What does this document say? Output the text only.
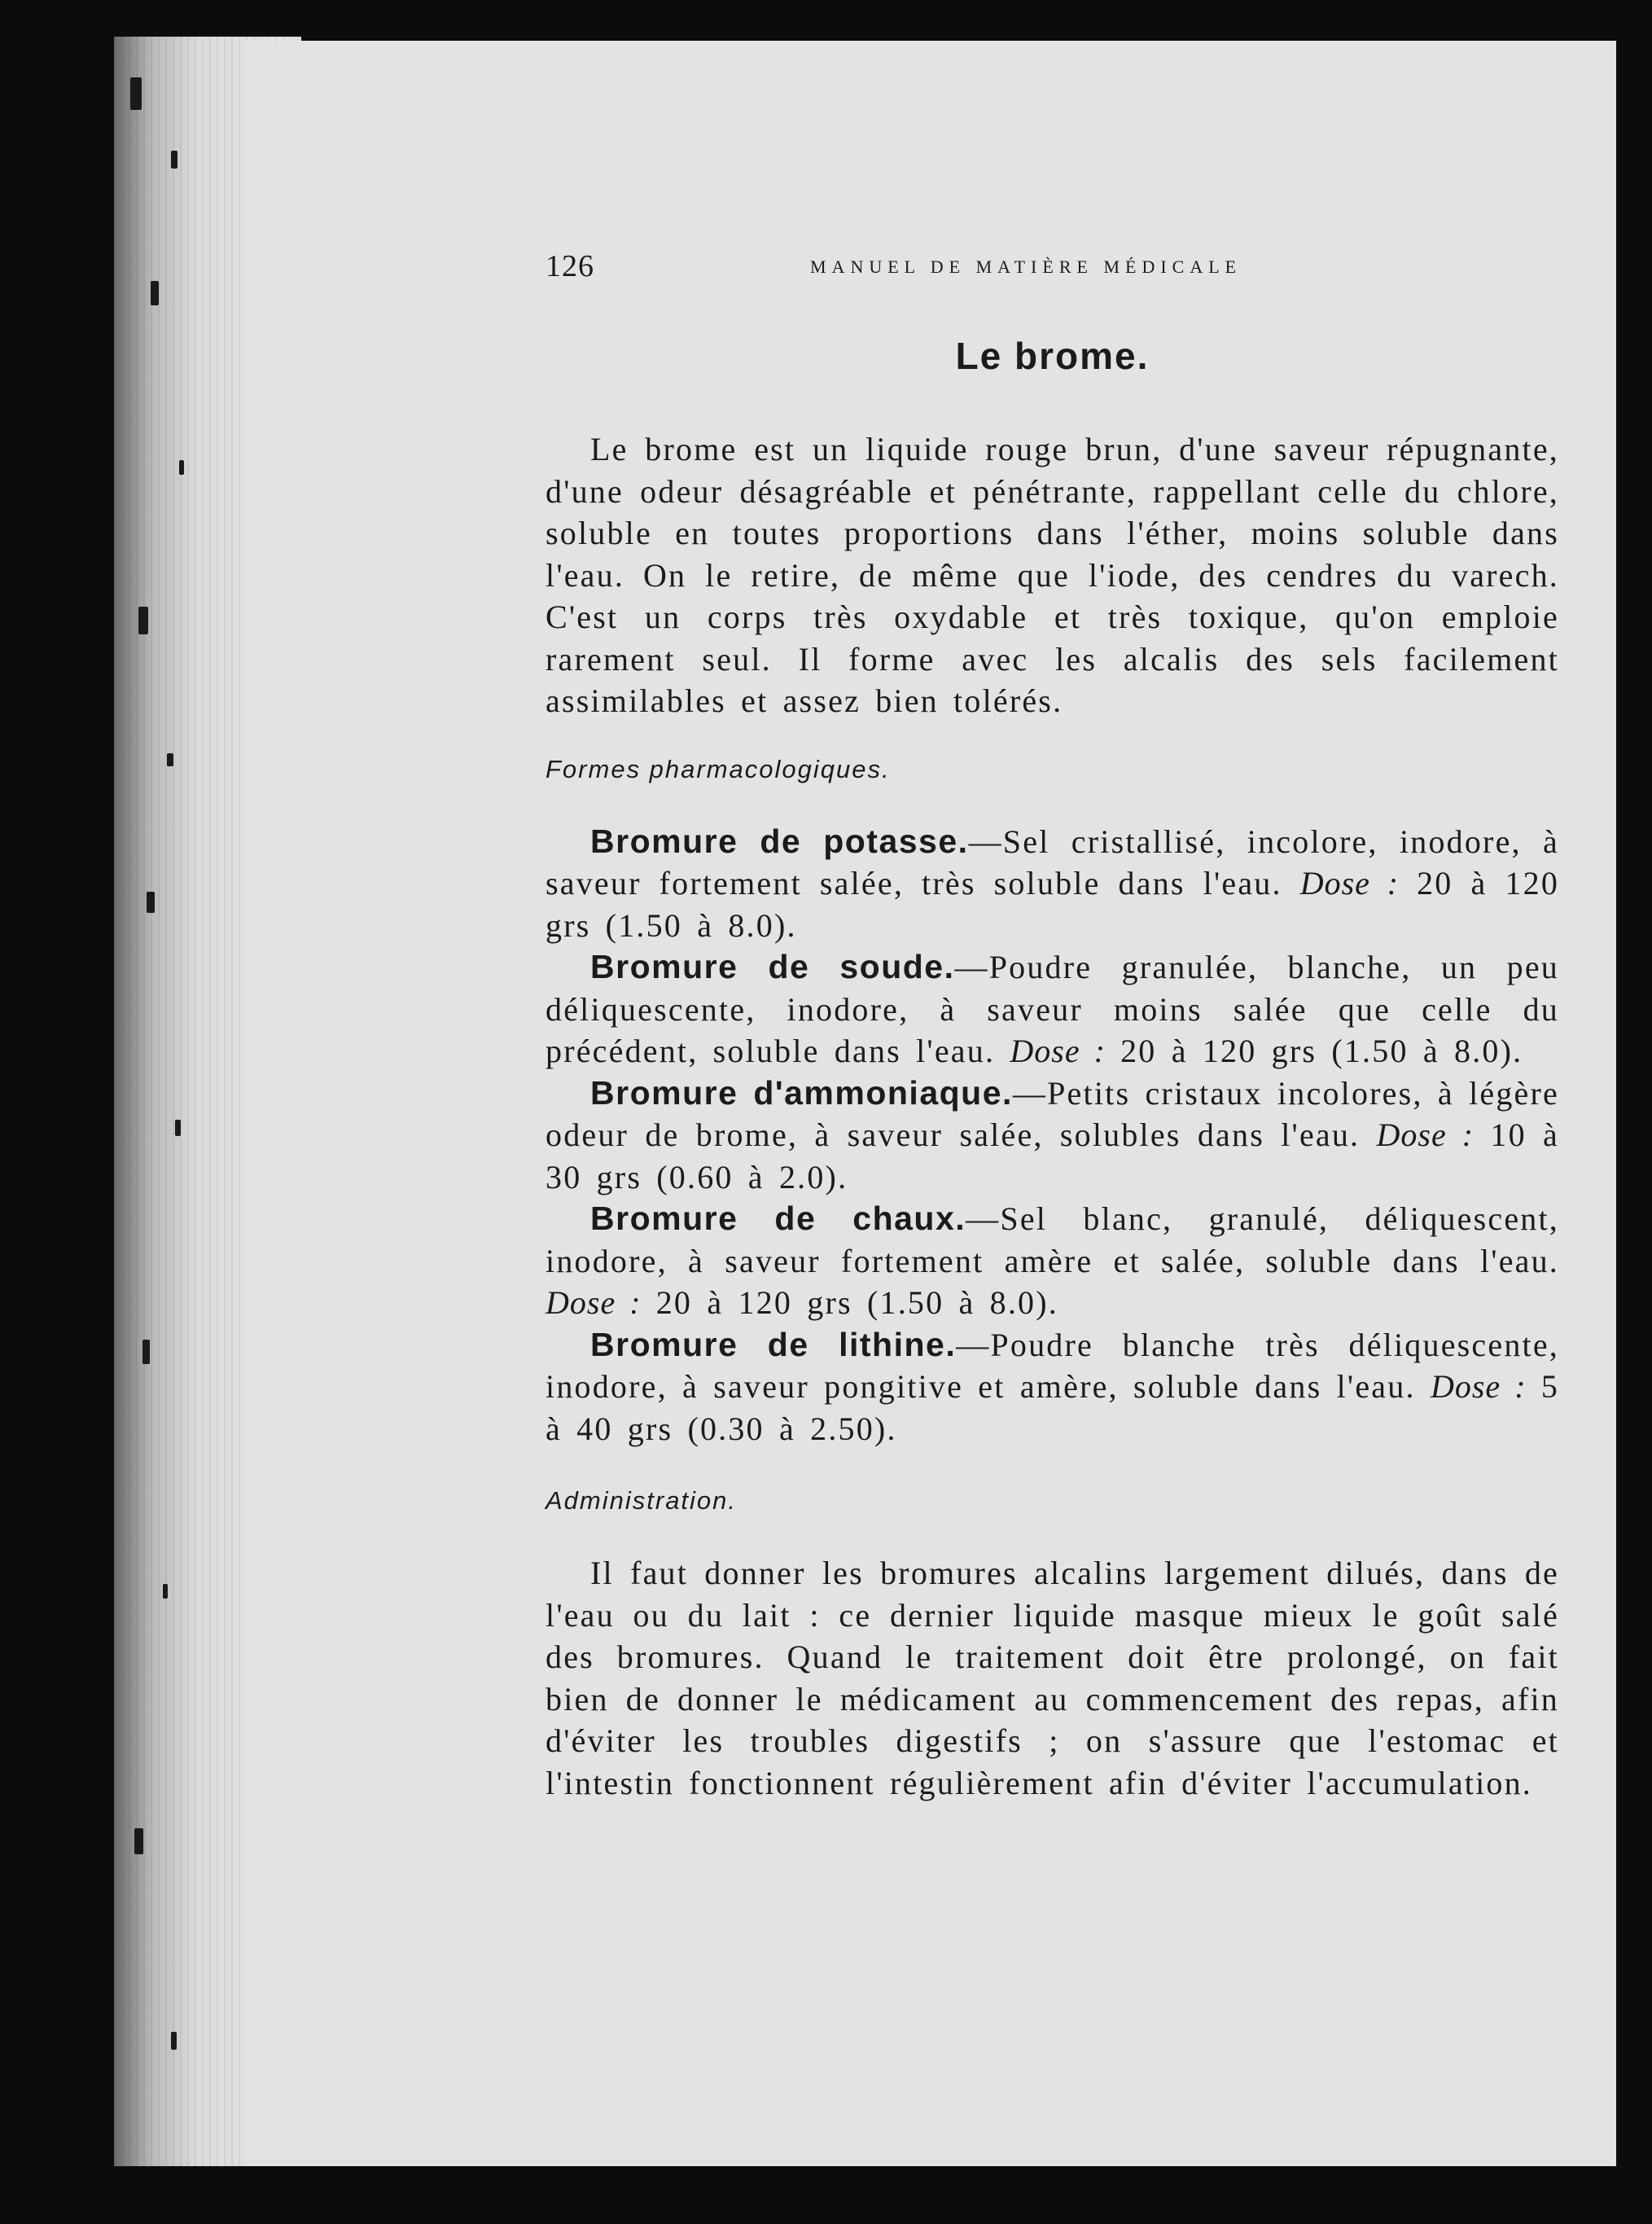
126	MANUEL DE MATIÈRE MÉDICALE
Le brome.

Le brome est un liquide rouge brun, d'une saveur répugnante, d'une odeur désagréable et pénétrante, rappellant celle du chlore, soluble en toutes proportions dans l'éther, moins soluble dans l'eau. On le retire, de même que l'iode, des cendres du varech. C'est un corps très oxydable et très toxique, qu'on emploie rarement seul. Il forme avec les alcalis des sels facilement assimilables et assez bien tolérés.

Formes pharmacologiques.

Bromure de potasse.—Sel cristallisé, incolore, inodore, à saveur fortement salée, très soluble dans l'eau. Dose : 20 à 120 grs (1.50 à 8.0).

Bromure de soude.—Poudre granulée, blanche, un peu déliquescente, inodore, à saveur moins salée que celle du précédent, soluble dans l'eau. Dose : 20 à 120 grs (1.50 à 8.0).

Bromure d'ammoniaque.—Petits cristaux incolores, à légère odeur de brome, à saveur salée, solubles dans l'eau. Dose : 10 à 30 grs (0.60 à 2.0).

Bromure de chaux.—Sel blanc, granulé, déliquescent, inodore, à saveur fortement amère et salée, soluble dans l'eau. Dose : 20 à 120 grs (1.50 à 8.0).

Bromure de lithine.—Poudre blanche très déliquescente, inodore, à saveur pongitive et amère, soluble dans l'eau. Dose : 5 à 40 grs (0.30 à 2.50).

Administration.

Il faut donner les bromures alcalins largement dilués, dans de l'eau ou du lait : ce dernier liquide masque mieux le goût salé des bromures. Quand le traitement doit être prolongé, on fait bien de donner le médicament au commencement des repas, afin d'éviter les troubles digestifs ; on s'assure que l'estomac et l'intestin fonctionnent régulièrement afin d'éviter l'accumulation.
